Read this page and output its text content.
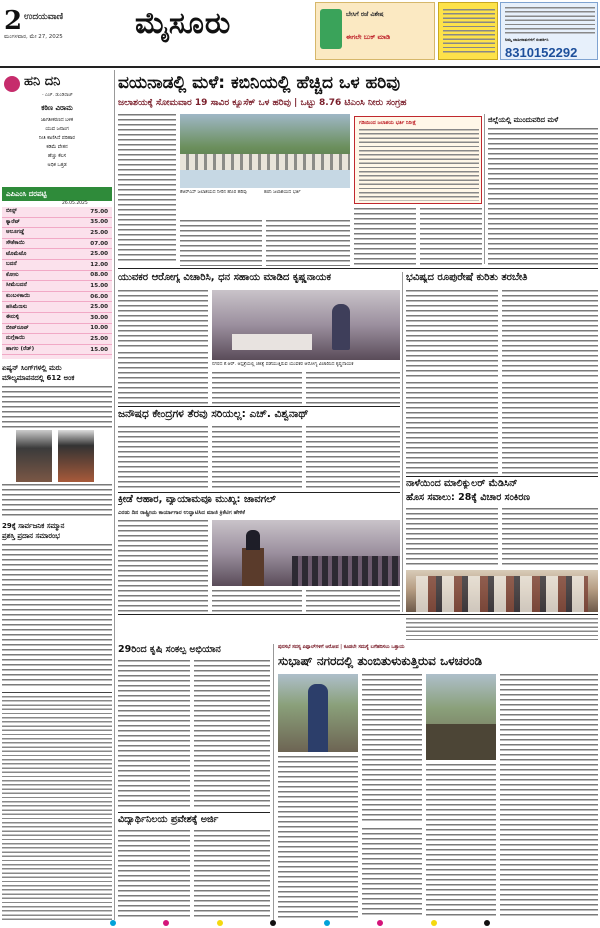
2 ಉದಯವಾಣಿ
ಮಂಗಳವಾರ, ಮೇ 27, 2025 ಮೈಸೂರು	ಬೇಸಿಗೆ ರಜೆ ವಿಶೇಷ
ಈಗಲೇ ಬುಕ್ ಮಾಡಿ	ನಿಮ್ಮ ಜಾಹೀರಾತುಗಳಿಗೆ ಸಂಪರ್ಕಿಸಿ
8310152292
ಹನಿ ದನಿ
- ಎಚ್. ಡುಂಡಿರಾಜ್
ಕಠಿಣ ವಿರಾಮ
ಜಾಗತೀಕರಣದ ಬಳಿಕ
ಯುವ ಜನಾಂಗ
ನೀತಿ ಕಾಣಿಸಿದೆ ಪರಿಹಾರ
ಕಡಿಮೆ ವೇತನ
ಹೆಚ್ಚು ಕೆಲಸ
ಅಧಿಕ ಒತ್ತಡ
ಎಪಿಎಂಸಿ ದರಪಟ್ಟಿ
26.05.2025
ಬೀನ್ಸ್	75.00
ಕ್ಯಾರೆಟ್	35.00
ಆಲೂಗಡ್ಡೆ	25.00
ಸೌತೆಕಾಯಿ	07.00
ಟೊಮೆಟೊ	25.00
ಬದನೆ	12.00
ಕೋಸು	08.00
ಸೀಮೆಬದನೆ	15.00
ಕುಂಬಳಕಾಯಿ	06.00
ಹಸಿಮೆಣಸು	25.00
ಈರುಳ್ಳಿ	30.00
ಬೀಟ್‌ರೂಟ್	10.00
ನುಗ್ಗೆಕಾಯಿ	25.00
ಹಾಗಲ (ರೆಡ್)	15.00
ಏಷ್ಯನ್ ಸಿಂಗ್‌ಗಳಲ್ಲಿ ಮರು
ಮೌಲ್ಯಮಾಪನದಲ್ಲಿ 612 ಅಂಕ
29ಕ್ಕೆ ಸಾರ್ವಜನಿಕ ಸಮ್ಮಾನ
ಪ್ರಶಸ್ತಿ ಪ್ರದಾನ ಸಮಾರಂಭ
ವಯನಾಡಲ್ಲಿ ಮಳೆ: ಕಬಿನಿಯಲ್ಲಿ ಹೆಚ್ಚಿದ ಒಳ ಹರಿವು
ಜಲಾಶಯಕ್ಕೆ ಸೋಮವಾರ 19 ಸಾವಿರ ಕ್ಯೂಸೆಕ್ ಒಳ ಹರಿವು | ಒಟ್ಟು 8.76 ಟಿಎಂಸಿ ನೀರು ಸಂಗ್ರಹ
ಕೆಆರ್‌ಎಸ್ ಜಲಾಶಯದ ನೀರಿನ ಹೊರ ಹರಿವು	ಕಬಿನಿ ಜಲಾಶಯದ ಭರ್ತಿ
ಗಡಿಯಿಂದ ಜಲಾಶಯ ಭರ್ತಿ ನಿರೀಕ್ಷೆ	ಜಿಲ್ಲೆಯಲ್ಲಿ ಮುಂದುವರಿದ ಮಳೆ
ಯುವಕರ ಆರೋಗ್ಯ ವಿಚಾರಿಸಿ, ಧನ ಸಹಾಯ ಮಾಡಿದ ಕೃಷ್ಣನಾಯಕ
ನಗರದ ಕೆ.ಆರ್. ಆಸ್ಪತ್ರೆಯಲ್ಲಿ ಚಿಕಿತ್ಸೆ ಪಡೆಯುತ್ತಿರುವ ಯುವಕರ ಆರೋಗ್ಯ ವಿಚಾರಿಸಿದ ಕೃಷ್ಣನಾಯಕ
ಭವಿಷ್ಯದ ರೂಪುರೇಷೆ ಕುರಿತು ತರಬೇತಿ
ಜನೌಷಧ ಕೇಂದ್ರಗಳ ತೆರವು ಸರಿಯಲ್ಲ: ಎಚ್. ವಿಶ್ವನಾಥ್
ಕ್ರೀಡೆ ಆಹಾರ, ವ್ಯಾಯಾಮವೂ ಮುಖ್ಯ: ಜಾವಗಲ್
ಎರಡು ದಿನ ರಾಷ್ಟ್ರೀಯ ಕಾರ್ಯಾಗಾರ ಉದ್ಘಾಟಿಸಿದ ಮಾಜಿ ಕ್ರಿಕೆಟಿಗ ಹೇಳಿಕೆ
ನಾಳೆಯಿಂದ ಮಾಲಿಕ್ಯುಲರ್ ಮೆಡಿಸಿನ್
ಹೊಸ ಸವಾಲು: 28ಕ್ಕೆ ವಿಚಾರ ಸಂಕಿರಣ
29ರಿಂದ ಕೃಷಿ ಸಂಕಲ್ಪ ಅಭಿಯಾನ
ವಿದ್ಯಾರ್ಥಿನಿಲಯ ಪ್ರವೇಶಕ್ಕೆ ಅರ್ಜಿ
ಪುರಸಭೆ ಸದಸ್ಯ ಪಿಪ್ಪಾಲ್‌ಗಳಿಗೆ ಆರೋಪ | ಕೂಡಲೇ ಸಮಸ್ಯೆ ಬಗೆಹರಿಸಲು ಒತ್ತಾಯ
ಸುಭಾಷ್ ನಗರದಲ್ಲಿ ತುಂಬಿತುಳುಕುತ್ತಿರುವ ಒಳಚರಂಡಿ
